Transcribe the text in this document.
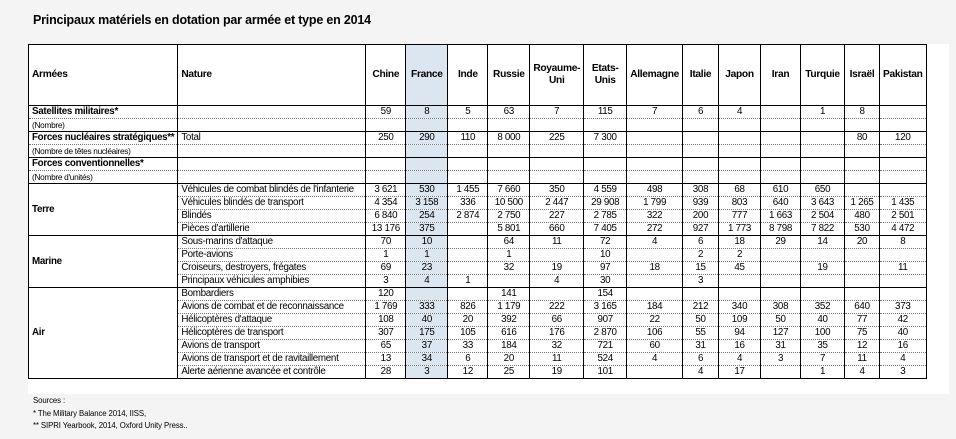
Principaux matériels en dotation par armée et type en 2014
Armées	Nature	Chine	France	Inde	Russie	Royaume-Uni	Etats-Unis	Allemagne	Italie	Japon	Iran	Turquie	Israël	Pakistan
Satellites militaires*		59	8	5	63	7	115	7	6	4		1	8	
(Nombre)														
Forces nucléaires stratégiques**	Total	250	290	110	8 000	225	7 300						80	120
(Nombre de têtes nucléaires)														
Forces conventionnelles*														
(Nombre d'unités)														
Terre	Véhicules de combat blindés de l'infanterie	3 621	530	1 455	7 660	350	4 559	498	308	68	610	650		
	Véhicules blindés de transport	4 354	3 158	336	10 500	2 447	29 908	1 799	939	803	640	3 643	1 265	1 435
	Blindés	6 840	254	2 874	2 750	227	2 785	322	200	777	1 663	2 504	480	2 501
	Pièces d'artillerie	13 176	375		5 801	660	7 405	272	927	1 773	8 798	7 822	530	4 472
Marine	Sous-marins d'attaque	70	10		64	11	72	4	6	18	29	14	20	8
	Porte-avions	1	1		1		10		2	2				
	Croiseurs, destroyers, frégates	69	23		32	19	97	18	15	45		19		11
	Principaux véhicules amphibies	3	4	1		4	30		3					
Air	Bombardiers	120			141		154							
	Avions de combat et de reconnaissance	1 769	333	826	1 179	222	3 165	184	212	340	308	352	640	373
	Hélicoptères d'attaque	108	40	20	392	66	907	22	50	109	50	40	77	42
	Hélicoptères de transport	307	175	105	616	176	2 870	106	55	94	127	100	75	40
	Avions de transport	65	37	33	184	32	721	60	31	16	31	35	12	16
	Avions de transport et de ravitaillement	13	34	6	20	11	524	4	6	4	3	7	11	4
	Alerte aérienne avancée et contrôle	28	3	12	25	19	101		4	17		1	4	3
Sources :
* The Military Balance 2014, IISS,
** SIPRI Yearbook, 2014, Oxford Unity Press..
